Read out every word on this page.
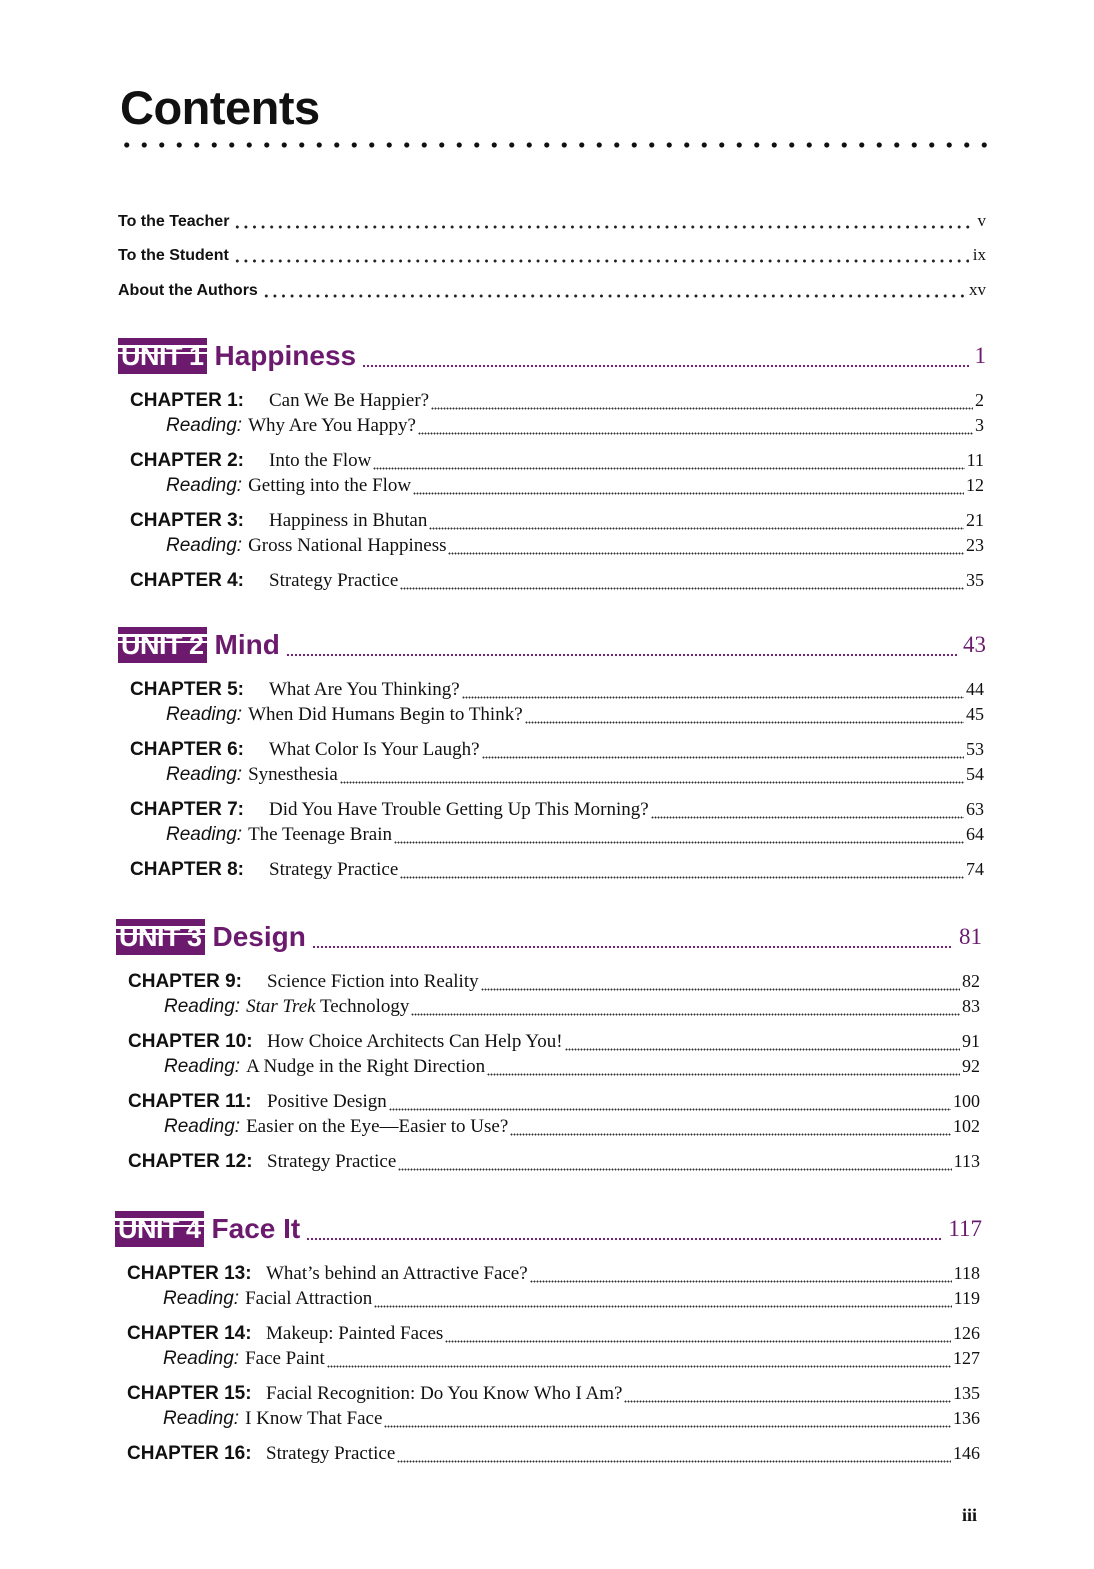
Contents
To the Teacher	v
To the Student	ix
About the Authors	xv
UNIT 1 Happiness	1
CHAPTER 1:	Can We Be Happier?	2
Reading: Why Are You Happy?	3
CHAPTER 2:	Into the Flow	11
Reading: Getting into the Flow	12
CHAPTER 3:	Happiness in Bhutan	21
Reading: Gross National Happiness	23
CHAPTER 4:	Strategy Practice	35
UNIT 2 Mind	43
CHAPTER 5:	What Are You Thinking?	44
Reading: When Did Humans Begin to Think?	45
CHAPTER 6:	What Color Is Your Laugh?	53
Reading: Synesthesia	54
CHAPTER 7:	Did You Have Trouble Getting Up This Morning?	63
Reading: The Teenage Brain	64
CHAPTER 8:	Strategy Practice	74
UNIT 3 Design	81
CHAPTER 9:	Science Fiction into Reality	82
Reading: Star Trek Technology	83
CHAPTER 10: How Choice Architects Can Help You!	91
Reading: A Nudge in the Right Direction	92
CHAPTER 11: Positive Design	100
Reading: Easier on the Eye—Easier to Use?	102
CHAPTER 12: Strategy Practice	113
UNIT 4 Face It	117
CHAPTER 13: What’s behind an Attractive Face?	118
Reading: Facial Attraction	119
CHAPTER 14: Makeup: Painted Faces	126
Reading: Face Paint	127
CHAPTER 15: Facial Recognition: Do You Know Who I Am?	135
Reading: I Know That Face	136
CHAPTER 16: Strategy Practice	146
iii
